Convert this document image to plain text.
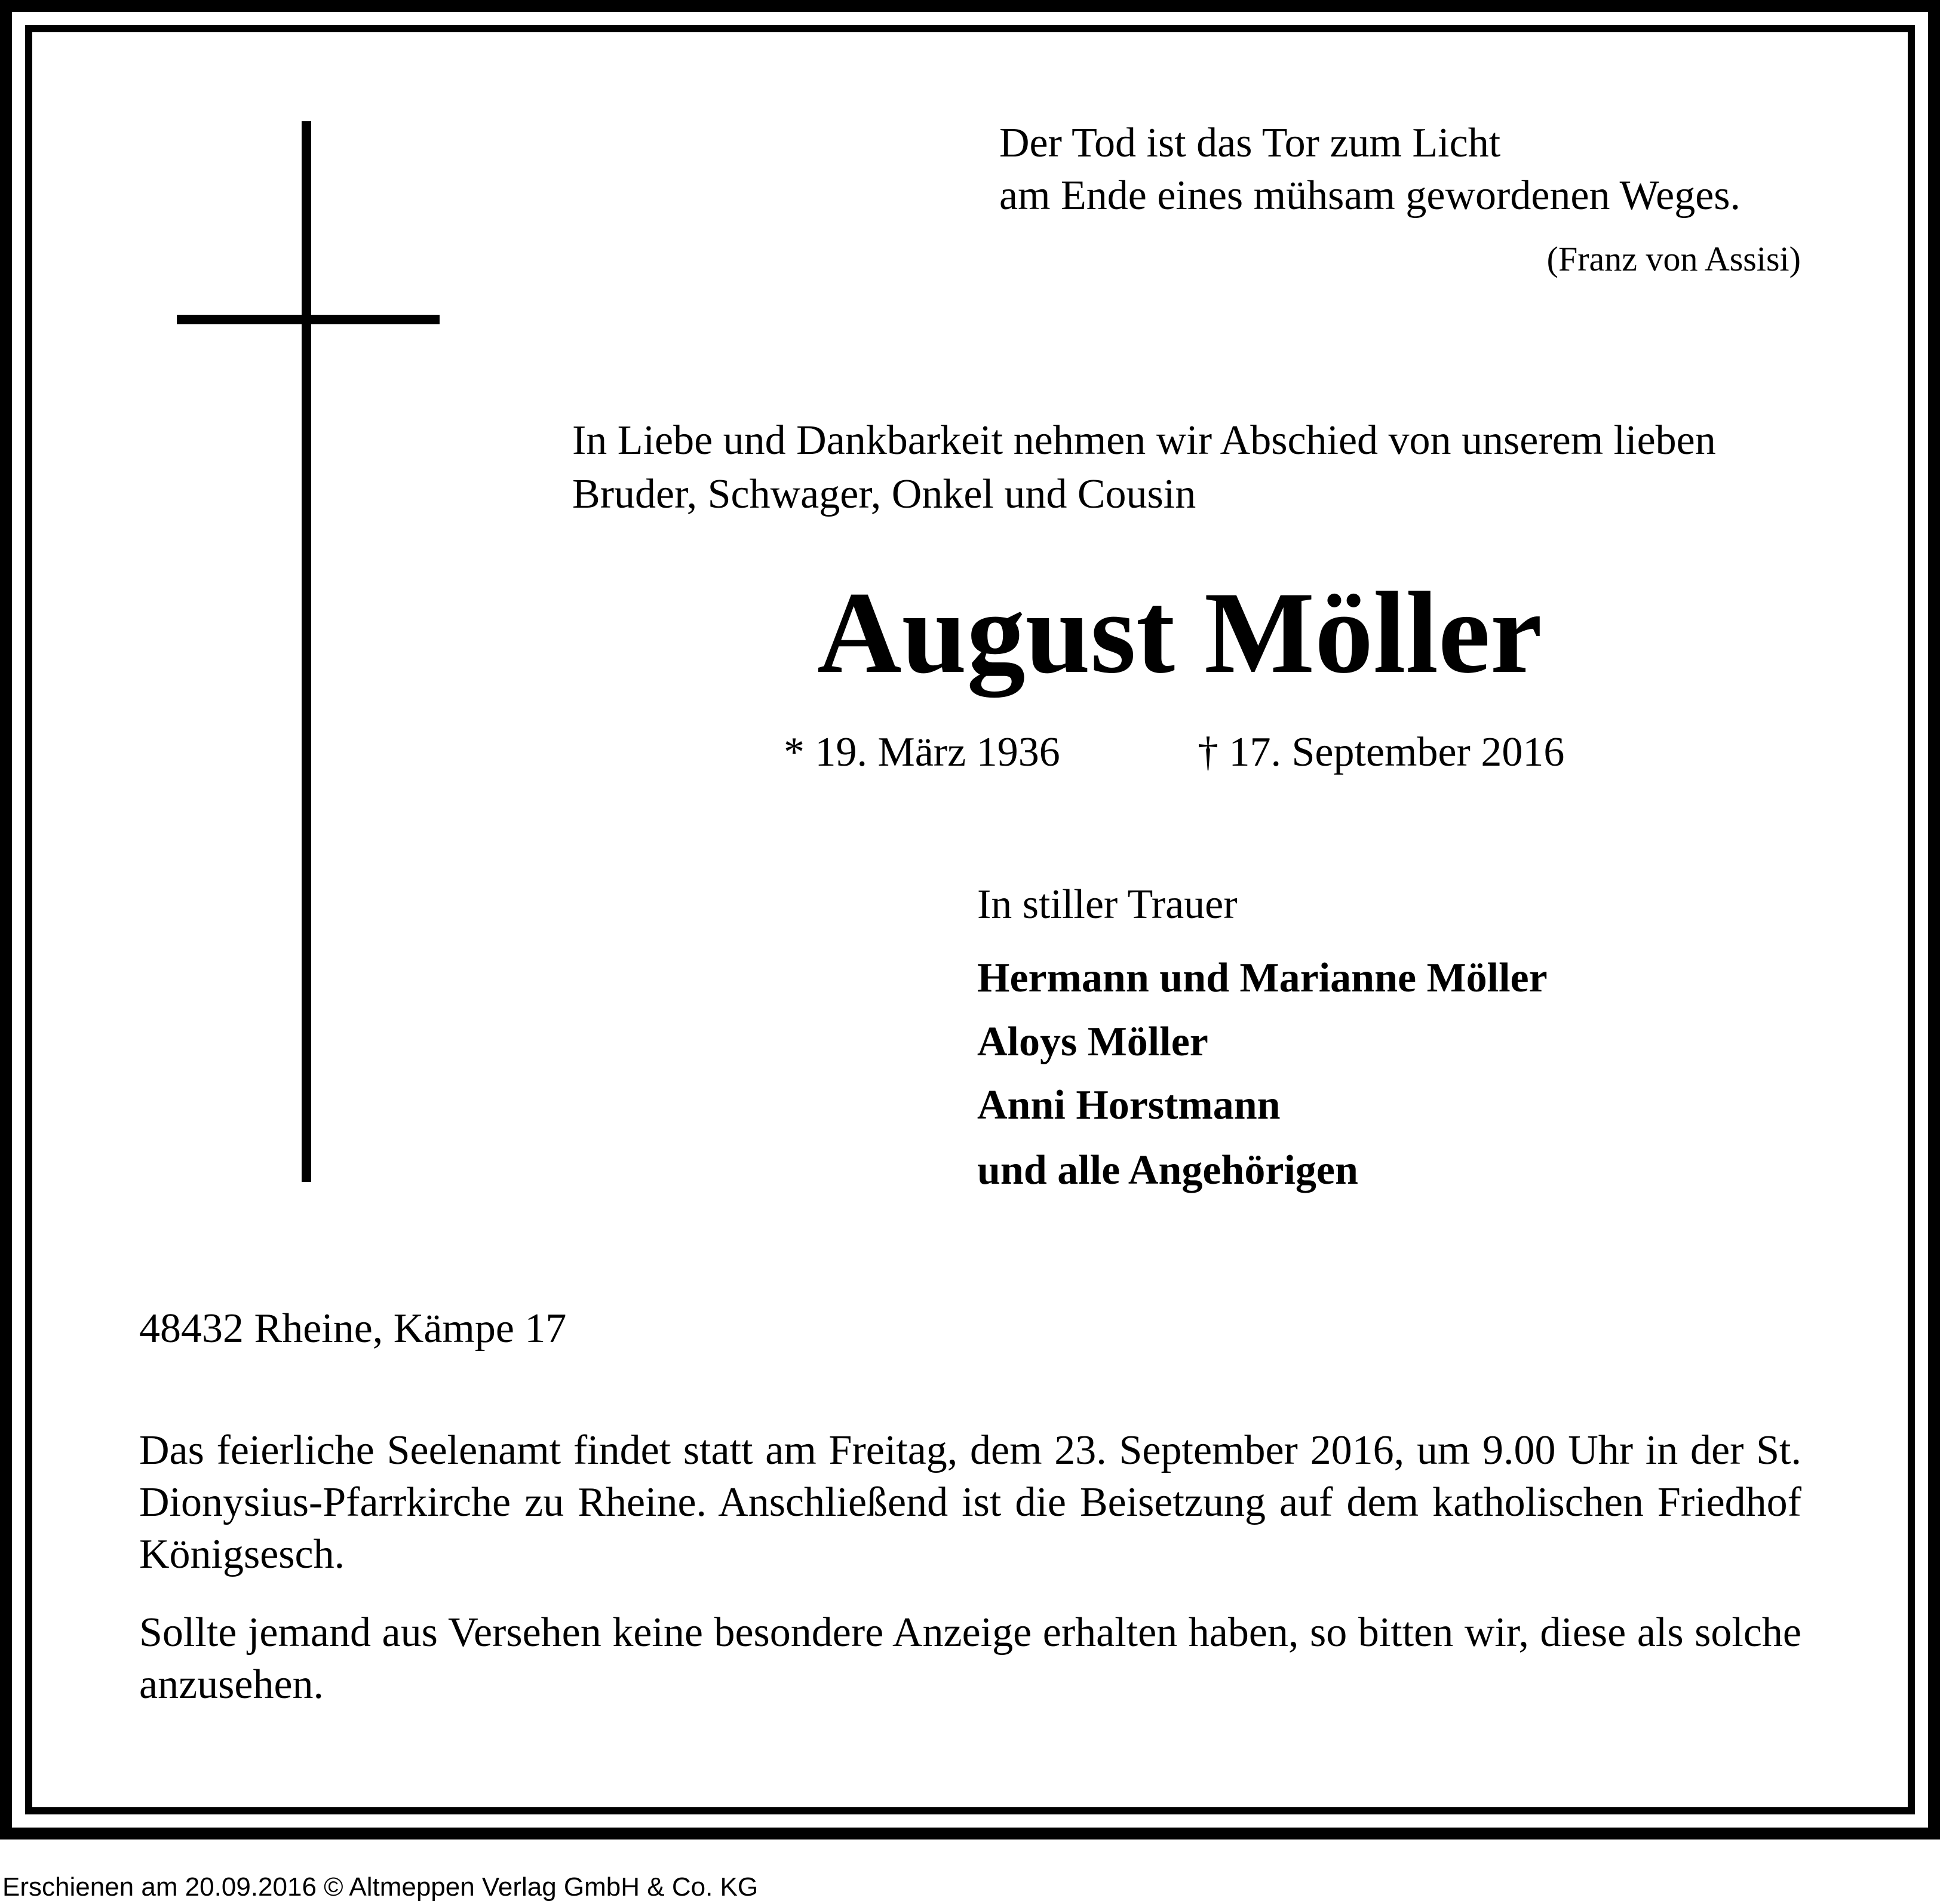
Der Tod ist das Tor zum Licht
am Ende eines mühsam gewordenen Weges.
(Franz von Assisi)
In Liebe und Dankbarkeit nehmen wir Abschied von unserem lieben
Bruder, Schwager, Onkel und Cousin
August Möller
* 19. März 1936	† 17. September 2016
In stiller Trauer
Hermann und Marianne Möller
Aloys Möller
Anni Horstmann
und alle Angehörigen
48432 Rheine, Kämpe 17
Das feierliche Seelenamt findet statt am Freitag, dem 23. September 2016, um 9.00 Uhr in der St. Dionysius-Pfarrkirche zu Rheine. Anschließend ist die Beisetzung auf dem katholischen Friedhof Königsesch.
Sollte jemand aus Versehen keine besondere Anzeige erhalten haben, so bitten wir, diese als solche anzusehen.
Erschienen am 20.09.2016 © Altmeppen Verlag GmbH & Co. KG
